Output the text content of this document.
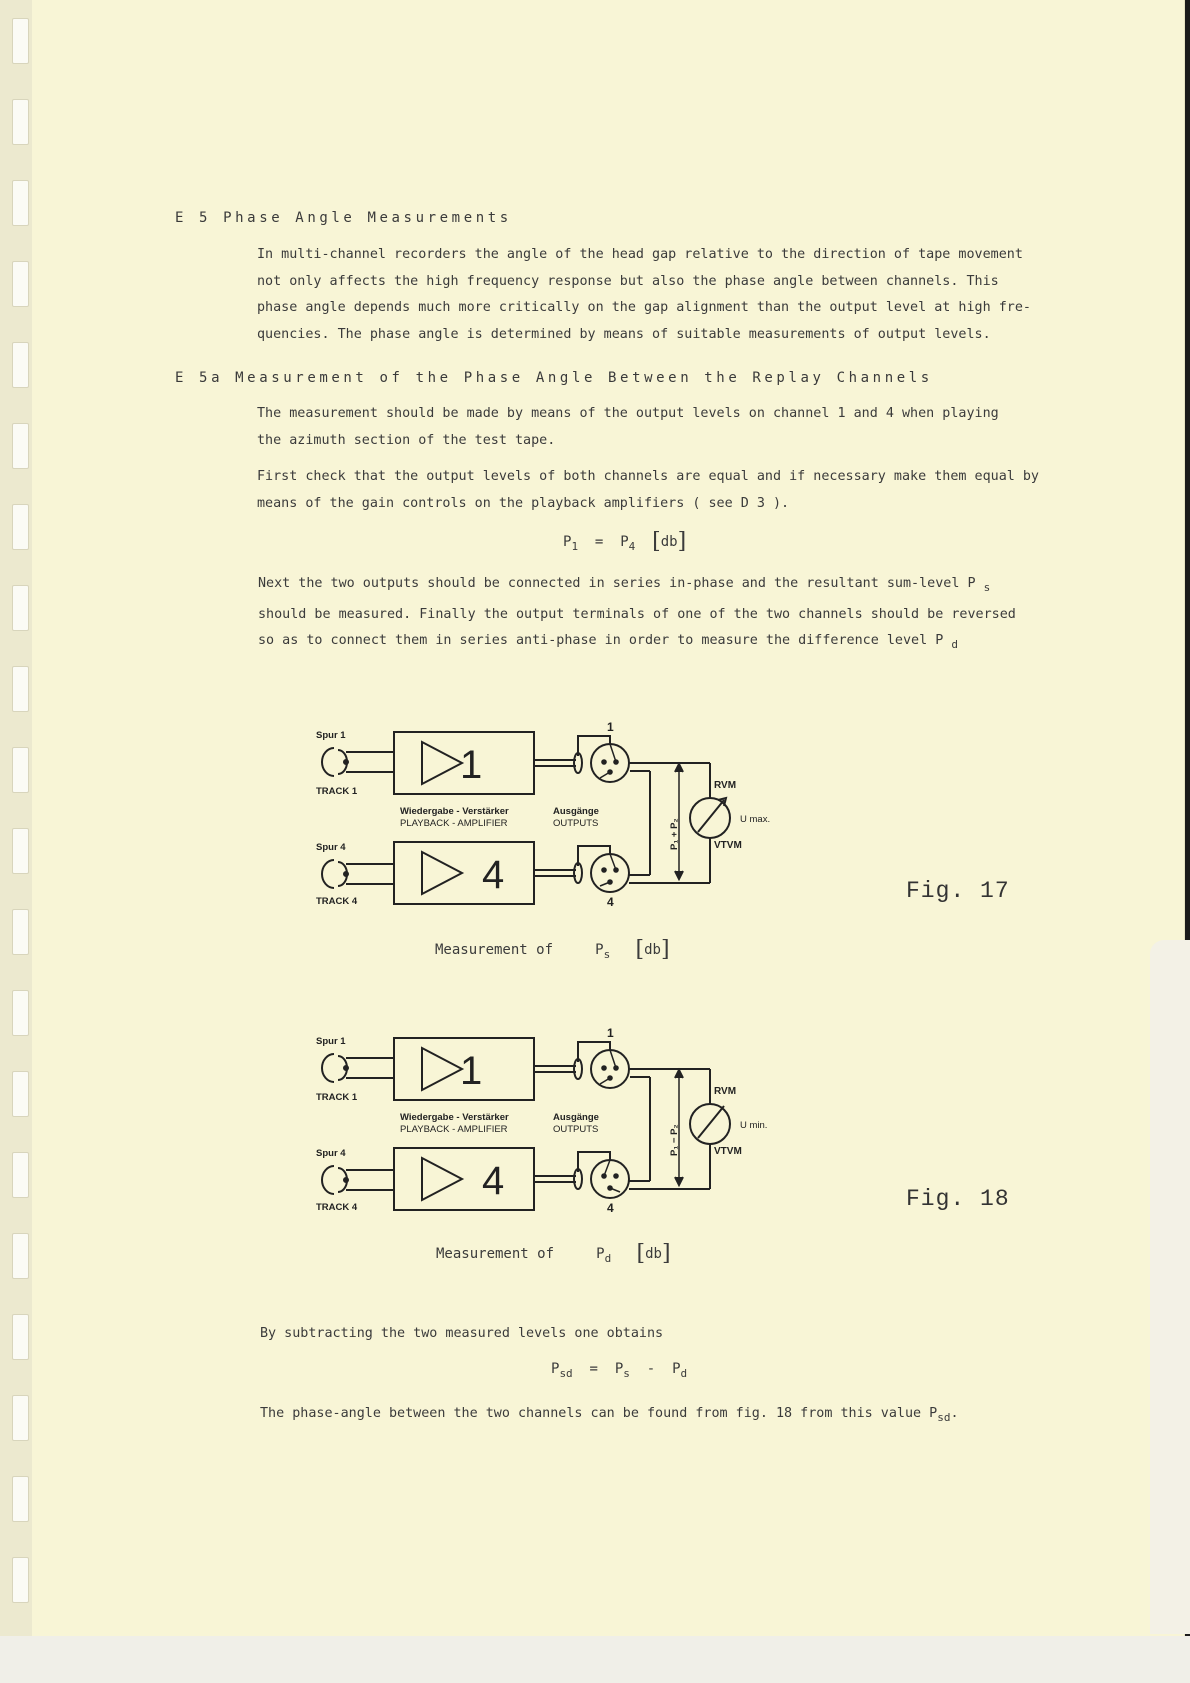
E 5 Phase Angle Measurements
In multi-channel recorders the angle of the head gap relative to the direction of tape movement
not only affects the high frequency response but also the phase angle between channels. This
phase angle depends much more critically on the gap alignment than the output level at high fre-
quencies. The phase angle is determined by means of suitable measurements of output levels.
E 5a Measurement of the Phase Angle Between the Replay Channels
The measurement should be made by means of the output levels on channel 1 and 4 when playing
the azimuth section of the test tape.
First check that the output levels of both channels are equal and if necessary make them equal by
means of the gain controls on the playback amplifiers ( see D 3 ).
$P_1 = P_4$ [db]
Next the two outputs should be connected in series in-phase and the resultant sum-level P $_s$
should be measured. Finally the output terminals of one of the two channels should be reversed
so as to connect them in series anti-phase in order to measure the difference level P $_d$
Spur 1
TRACK 1
Spur 4
TRACK 4
Wiedergabe - Verstärker
PLAYBACK - AMPLIFIER
Ausgänge
OUTPUTS
1
4
1
4
RVM
VTVM
U max.
P₁ + P₂
Fig. 17
Measurement of	$P_s$ [db]
Spur 1
TRACK 1
Spur 4
TRACK 4
Wiedergabe - Verstärker
PLAYBACK - AMPLIFIER
Ausgänge
OUTPUTS
1
4
1
4
RVM
VTVM
U min.
P₁ − P₂
Fig. 18
Measurement of	$P_d$ [db]
By subtracting the two measured levels one obtains
$P_{sd} = P_s - P_d$
The phase-angle between the two channels can be found from fig. 18 from this value $P_{sd}$.
